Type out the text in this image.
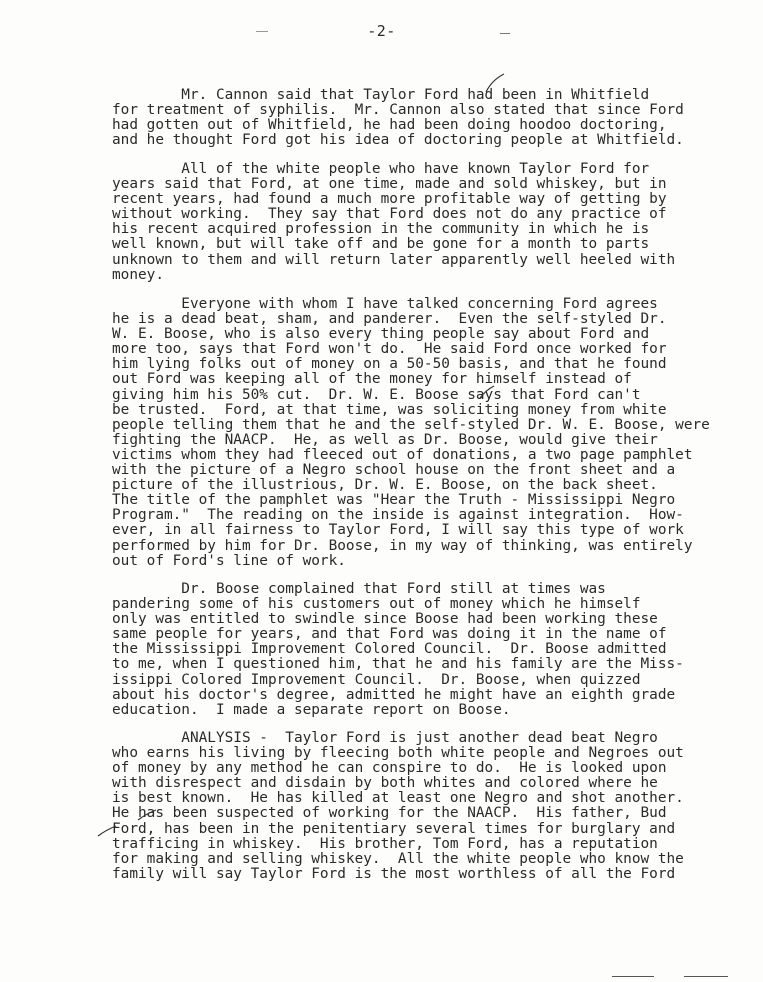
-2-
Mr. Cannon said that Taylor Ford had been in Whitfield
for treatment of syphilis.  Mr. Cannon also stated that since Ford
had gotten out of Whitfield, he had been doing hoodoo doctoring,
and he thought Ford got his idea of doctoring people at Whitfield.
All of the white people who have known Taylor Ford for
years said that Ford, at one time, made and sold whiskey, but in
recent years, had found a much more profitable way of getting by
without working.  They say that Ford does not do any practice of
his recent acquired profession in the community in which he is
well known, but will take off and be gone for a month to parts
unknown to them and will return later apparently well heeled with
money.
Everyone with whom I have talked concerning Ford agrees
he is a dead beat, sham, and panderer.  Even the self-styled Dr.
W. E. Boose, who is also every thing people say about Ford and
more too, says that Ford won't do.  He said Ford once worked for
him lying folks out of money on a 50-50 basis, and that he found
out Ford was keeping all of the money for himself instead of
giving him his 50% cut.  Dr. W. E. Boose says that Ford can't
be trusted.  Ford, at that time, was soliciting money from white
people telling them that he and the self-styled Dr. W. E. Boose, were
fighting the NAACP.  He, as well as Dr. Boose, would give their
victims whom they had fleeced out of donations, a two page pamphlet
with the picture of a Negro school house on the front sheet and a
picture of the illustrious, Dr. W. E. Boose, on the back sheet.
The title of the pamphlet was "Hear the Truth - Mississippi Negro
Program."  The reading on the inside is against integration.  How-
ever, in all fairness to Taylor Ford, I will say this type of work
performed by him for Dr. Boose, in my way of thinking, was entirely
out of Ford's line of work.
Dr. Boose complained that Ford still at times was
pandering some of his customers out of money which he himself
only was entitled to swindle since Boose had been working these
same people for years, and that Ford was doing it in the name of
the Mississippi Improvement Colored Council.  Dr. Boose admitted
to me, when I questioned him, that he and his family are the Miss-
issippi Colored Improvement Council.  Dr. Boose, when quizzed
about his doctor's degree, admitted he might have an eighth grade
education.  I made a separate report on Boose.
ANALYSIS -  Taylor Ford is just another dead beat Negro
who earns his living by fleecing both white people and Negroes out
of money by any method he can conspire to do.  He is looked upon
with disrespect and disdain by both whites and colored where he
is best known.  He has killed at least one Negro and shot another.
He has been suspected of working for the NAACP.  His father, Bud
Ford, has been in the penitentiary several times for burglary and
trafficing in whiskey.  His brother, Tom Ford, has a reputation
for making and selling whiskey.  All the white people who know the
family will say Taylor Ford is the most worthless of all the Ford
